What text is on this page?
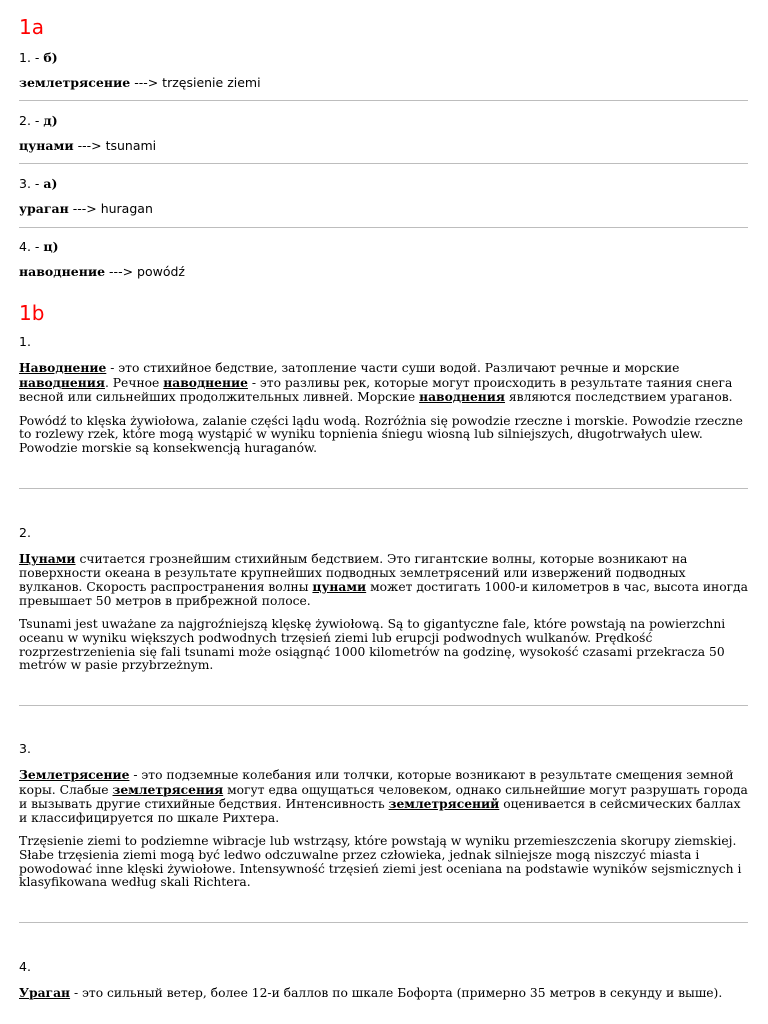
1a

1. - б)

землетрясение ---> trzęsienie ziemi

2. - д)

цунами ---> tsunami

3. - а)

ураган ---> huragan

4. - ц)

наводнение ---> powódź

1b

1.

Наводнение - это стихийное бедствие, затопление части суши водой. Различают речные и морские наводнения. Речное наводнение - это разливы рек, которые могут происходить в результате таяния снега весной или сильнейших продолжительных ливней. Морские наводнения являются последствием ураганов.

Powódź to klęska żywiołowa, zalanie części lądu wodą. Rozróżnia się powodzie rzeczne i morskie. Powodzie rzeczne to rozlewy rzek, które mogą wystąpić w wyniku topnienia śniegu wiosną lub silniejszych, długotrwałych ulew. Powodzie morskie są konsekwencją huraganów.

2.

Цунами считается грознейшим стихийным бедствием. Это гигантские волны, которые возникают на поверхности океана в результате крупнейших подводных землетрясений или извержений подводных вулканов. Скорость распространения волны цунами может достигать 1000-и километров в час, высота иногда превышает 50 метров в прибрежной полосе.

Tsunami jest uważane za najgroźniejszą klęskę żywiołową. Są to gigantyczne fale, które powstają na powierzchni oceanu w wyniku większych podwodnych trzęsień ziemi lub erupcji podwodnych wulkanów. Prędkość rozprzestrzenienia się fali tsunami może osiągnąć 1000 kilometrów na godzinę, wysokość czasami przekracza 50 metrów w pasie przybrzeżnym.

3.

Землетрясение - это подземные колебания или толчки, которые возникают в результате смещения земной коры. Слабые землетрясения могут едва ощущаться человеком, однако сильнейшие могут разрушать города и вызывать другие стихийные бедствия. Интенсивность землетрясений оценивается в сейсмических баллах и классифицируется по шкале Рихтера.

Trzęsienie ziemi to podziemne wibracje lub wstrząsy, które powstają w wyniku przemieszczenia skorupy ziemskiej. Słabe trzęsienia ziemi mogą być ledwo odczuwalne przez człowieka, jednak silniejsze mogą niszczyć miasta i powodować inne klęski żywiołowe. Intensywność trzęsień ziemi jest oceniana na podstawie wyników sejsmicznych i klasyfikowana według skali Richtera.

4.

Ураган - это сильный ветер, более 12-и баллов по шкале Бофорта (примерно 35 метров в секунду и выше).
